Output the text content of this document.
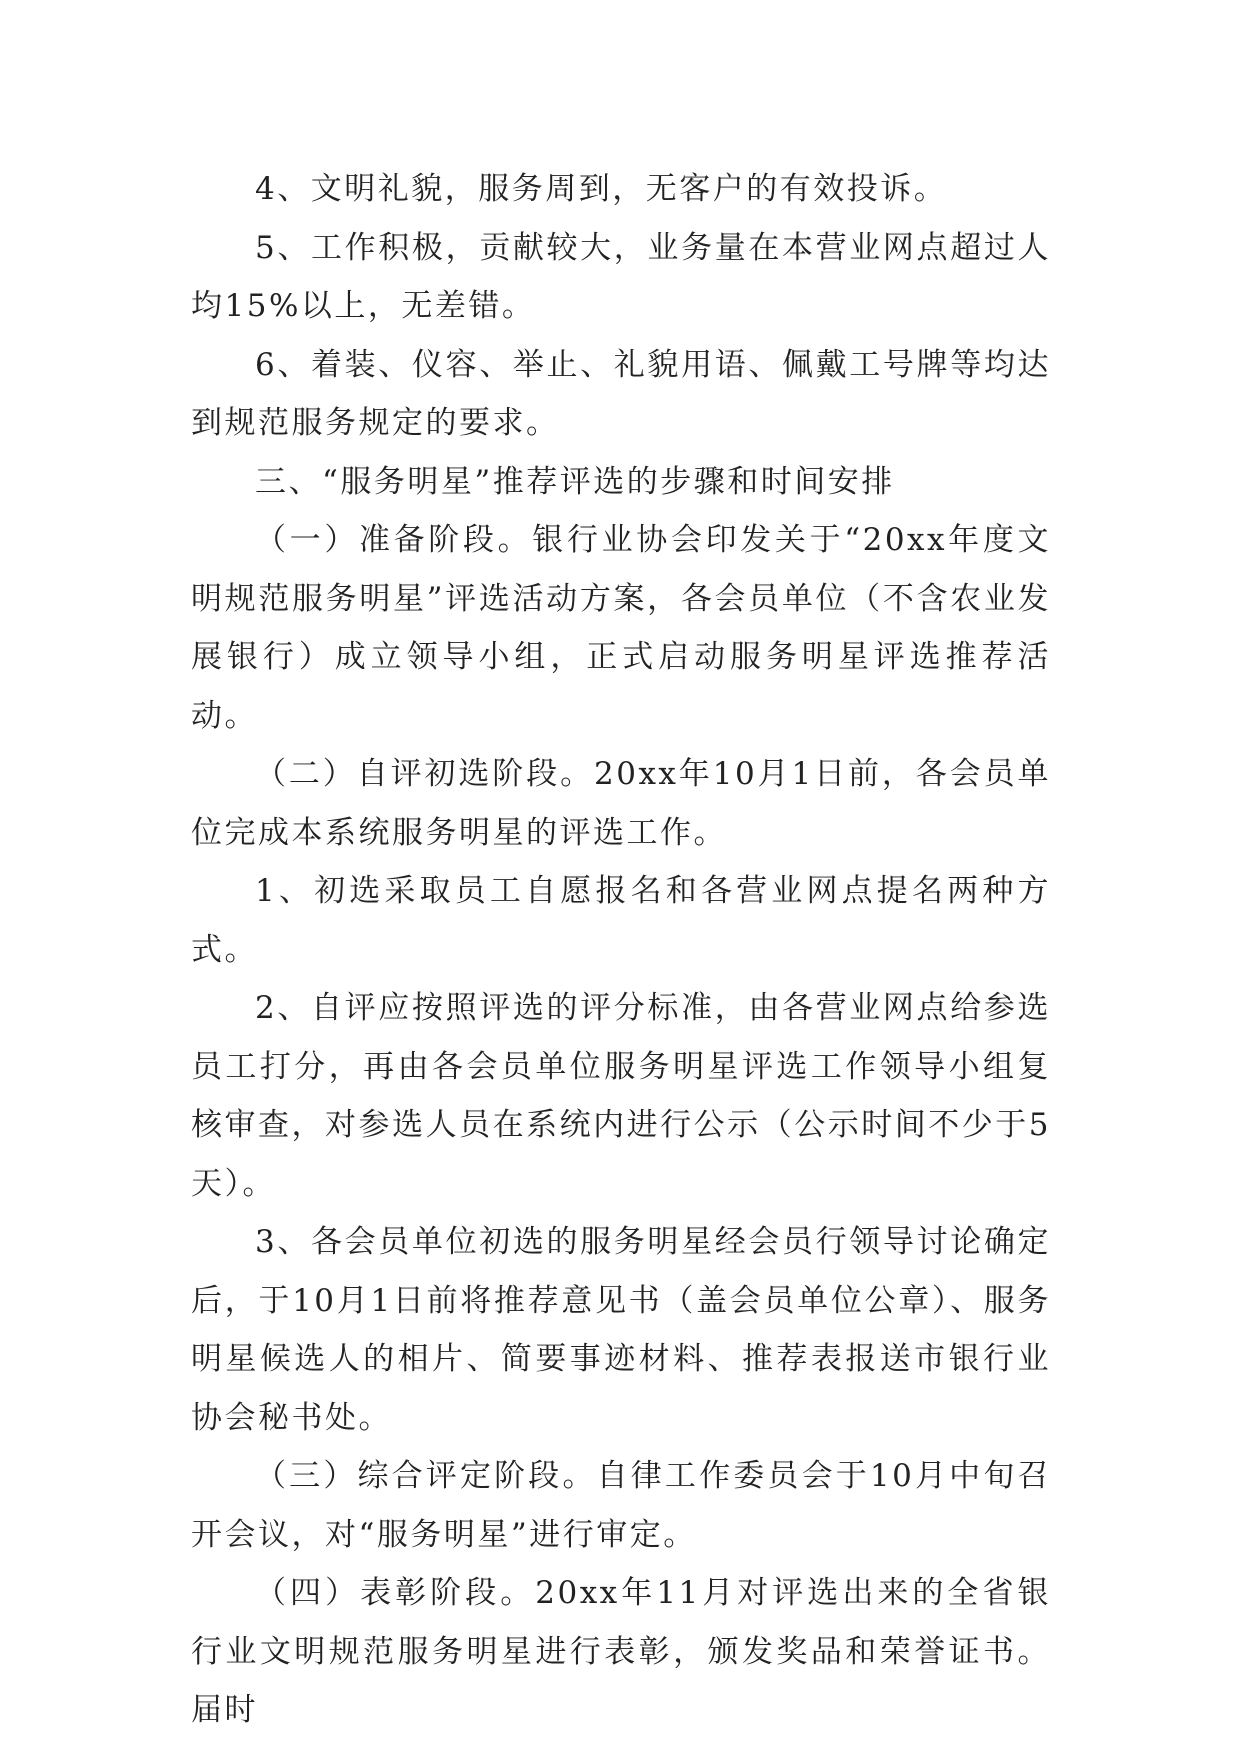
4、文明礼貌，服务周到，无客户的有效投诉。

5、工作积极，贡献较大，业务量在本营业网点超过人均15%以上，无差错。

6、着装、仪容、举止、礼貌用语、佩戴工号牌等均达到规范服务规定的要求。

三、“服务明星”推荐评选的步骤和时间安排

（一）准备阶段。银行业协会印发关于“20xx年度文明规范服务明星”评选活动方案，各会员单位（不含农业发展银行）成立领导小组，正式启动服务明星评选推荐活动。

（二）自评初选阶段。20xx年10月1日前，各会员单位完成本系统服务明星的评选工作。

1、初选采取员工自愿报名和各营业网点提名两种方式。

2、自评应按照评选的评分标准，由各营业网点给参选员工打分，再由各会员单位服务明星评选工作领导小组复核审查，对参选人员在系统内进行公示（公示时间不少于5天）。

3、各会员单位初选的服务明星经会员行领导讨论确定后，于10月1日前将推荐意见书（盖会员单位公章）、服务明星候选人的相片、简要事迹材料、推荐表报送市银行业协会秘书处。

（三）综合评定阶段。自律工作委员会于10月中旬召开会议，对“服务明星”进行审定。

（四）表彰阶段。20xx年11月对评选出来的全省银行业文明规范服务明星进行表彰，颁发奖品和荣誉证书。届时
